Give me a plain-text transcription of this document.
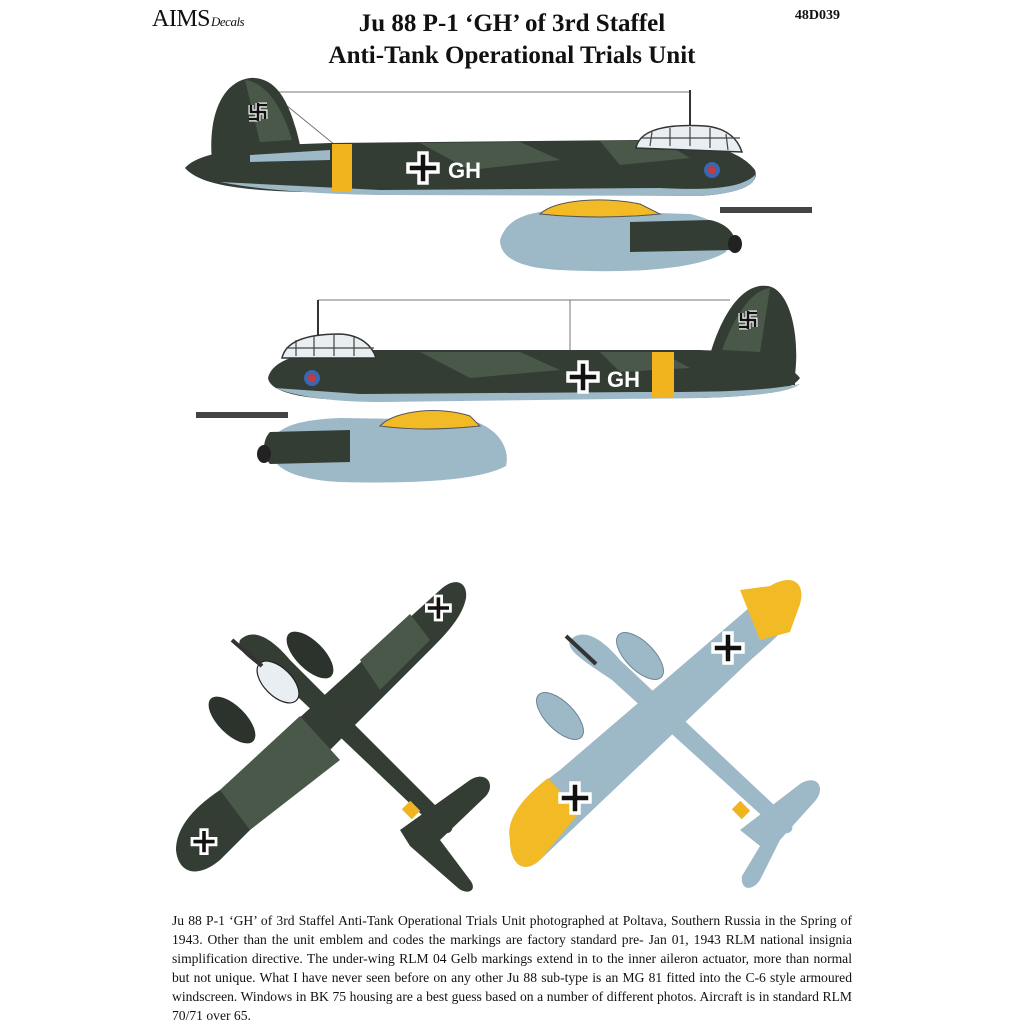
AIMSDecals	48D039
Ju 88 P-1 ‘GH’ of 3rd Staffel
Anti-Tank Operational Trials Unit
GH
GH
Ju 88 P-1 ‘GH’ of 3rd Staffel Anti-Tank Operational Trials Unit photographed at Poltava, Southern Russia in the Spring of 1943. Other than the unit emblem and codes the markings are factory standard pre- Jan 01, 1943 RLM national insignia simplification directive. The under-wing RLM 04 Gelb markings extend in to the inner aileron actuator, more than normal but not unique. What I have never seen before on any other Ju 88 sub-type is an MG 81 fitted into the C-6 style armoured windscreen. Windows in BK 75 housing are a best guess based on a number of different photos. Aircraft is in standard RLM 70/71 over 65.
